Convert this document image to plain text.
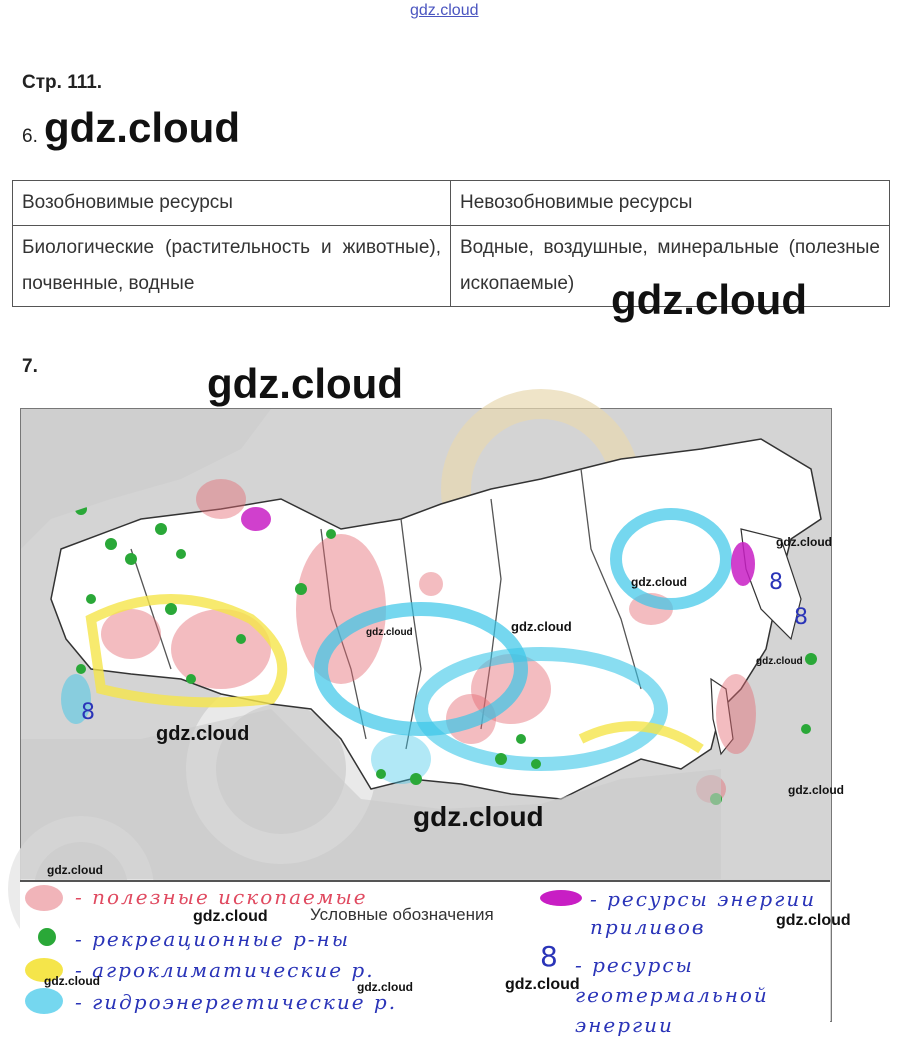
gdz.cloud
Стр. 111.
6. gdz.cloud
Возобновимые ресурсы	Невозобновимые ресурсы
Биологические (растительность и животные), почвенные, водные	Водные, воздушные, минеральные (полезные ископаемые) gdz.cloud
7.	gdz.cloud
8
8
8
gdz.cloud
gdz.cloud
gdz.cloud
gdz.cloud
gdz.cloud
gdz.cloud
gdz.cloud
gdz.cloud
gdz.cloud
Условные обозначения
- полезные ископаемые
- рекреационные р-ны
- агроклиматические р.
- гидроэнергетические р.
- ресурсы энергии приливов
8 - ресурсы геотермальной энергии
gdz.cloud	gdz.cloud
gdz.cloud	gdz.cloud	gdz.cloud
